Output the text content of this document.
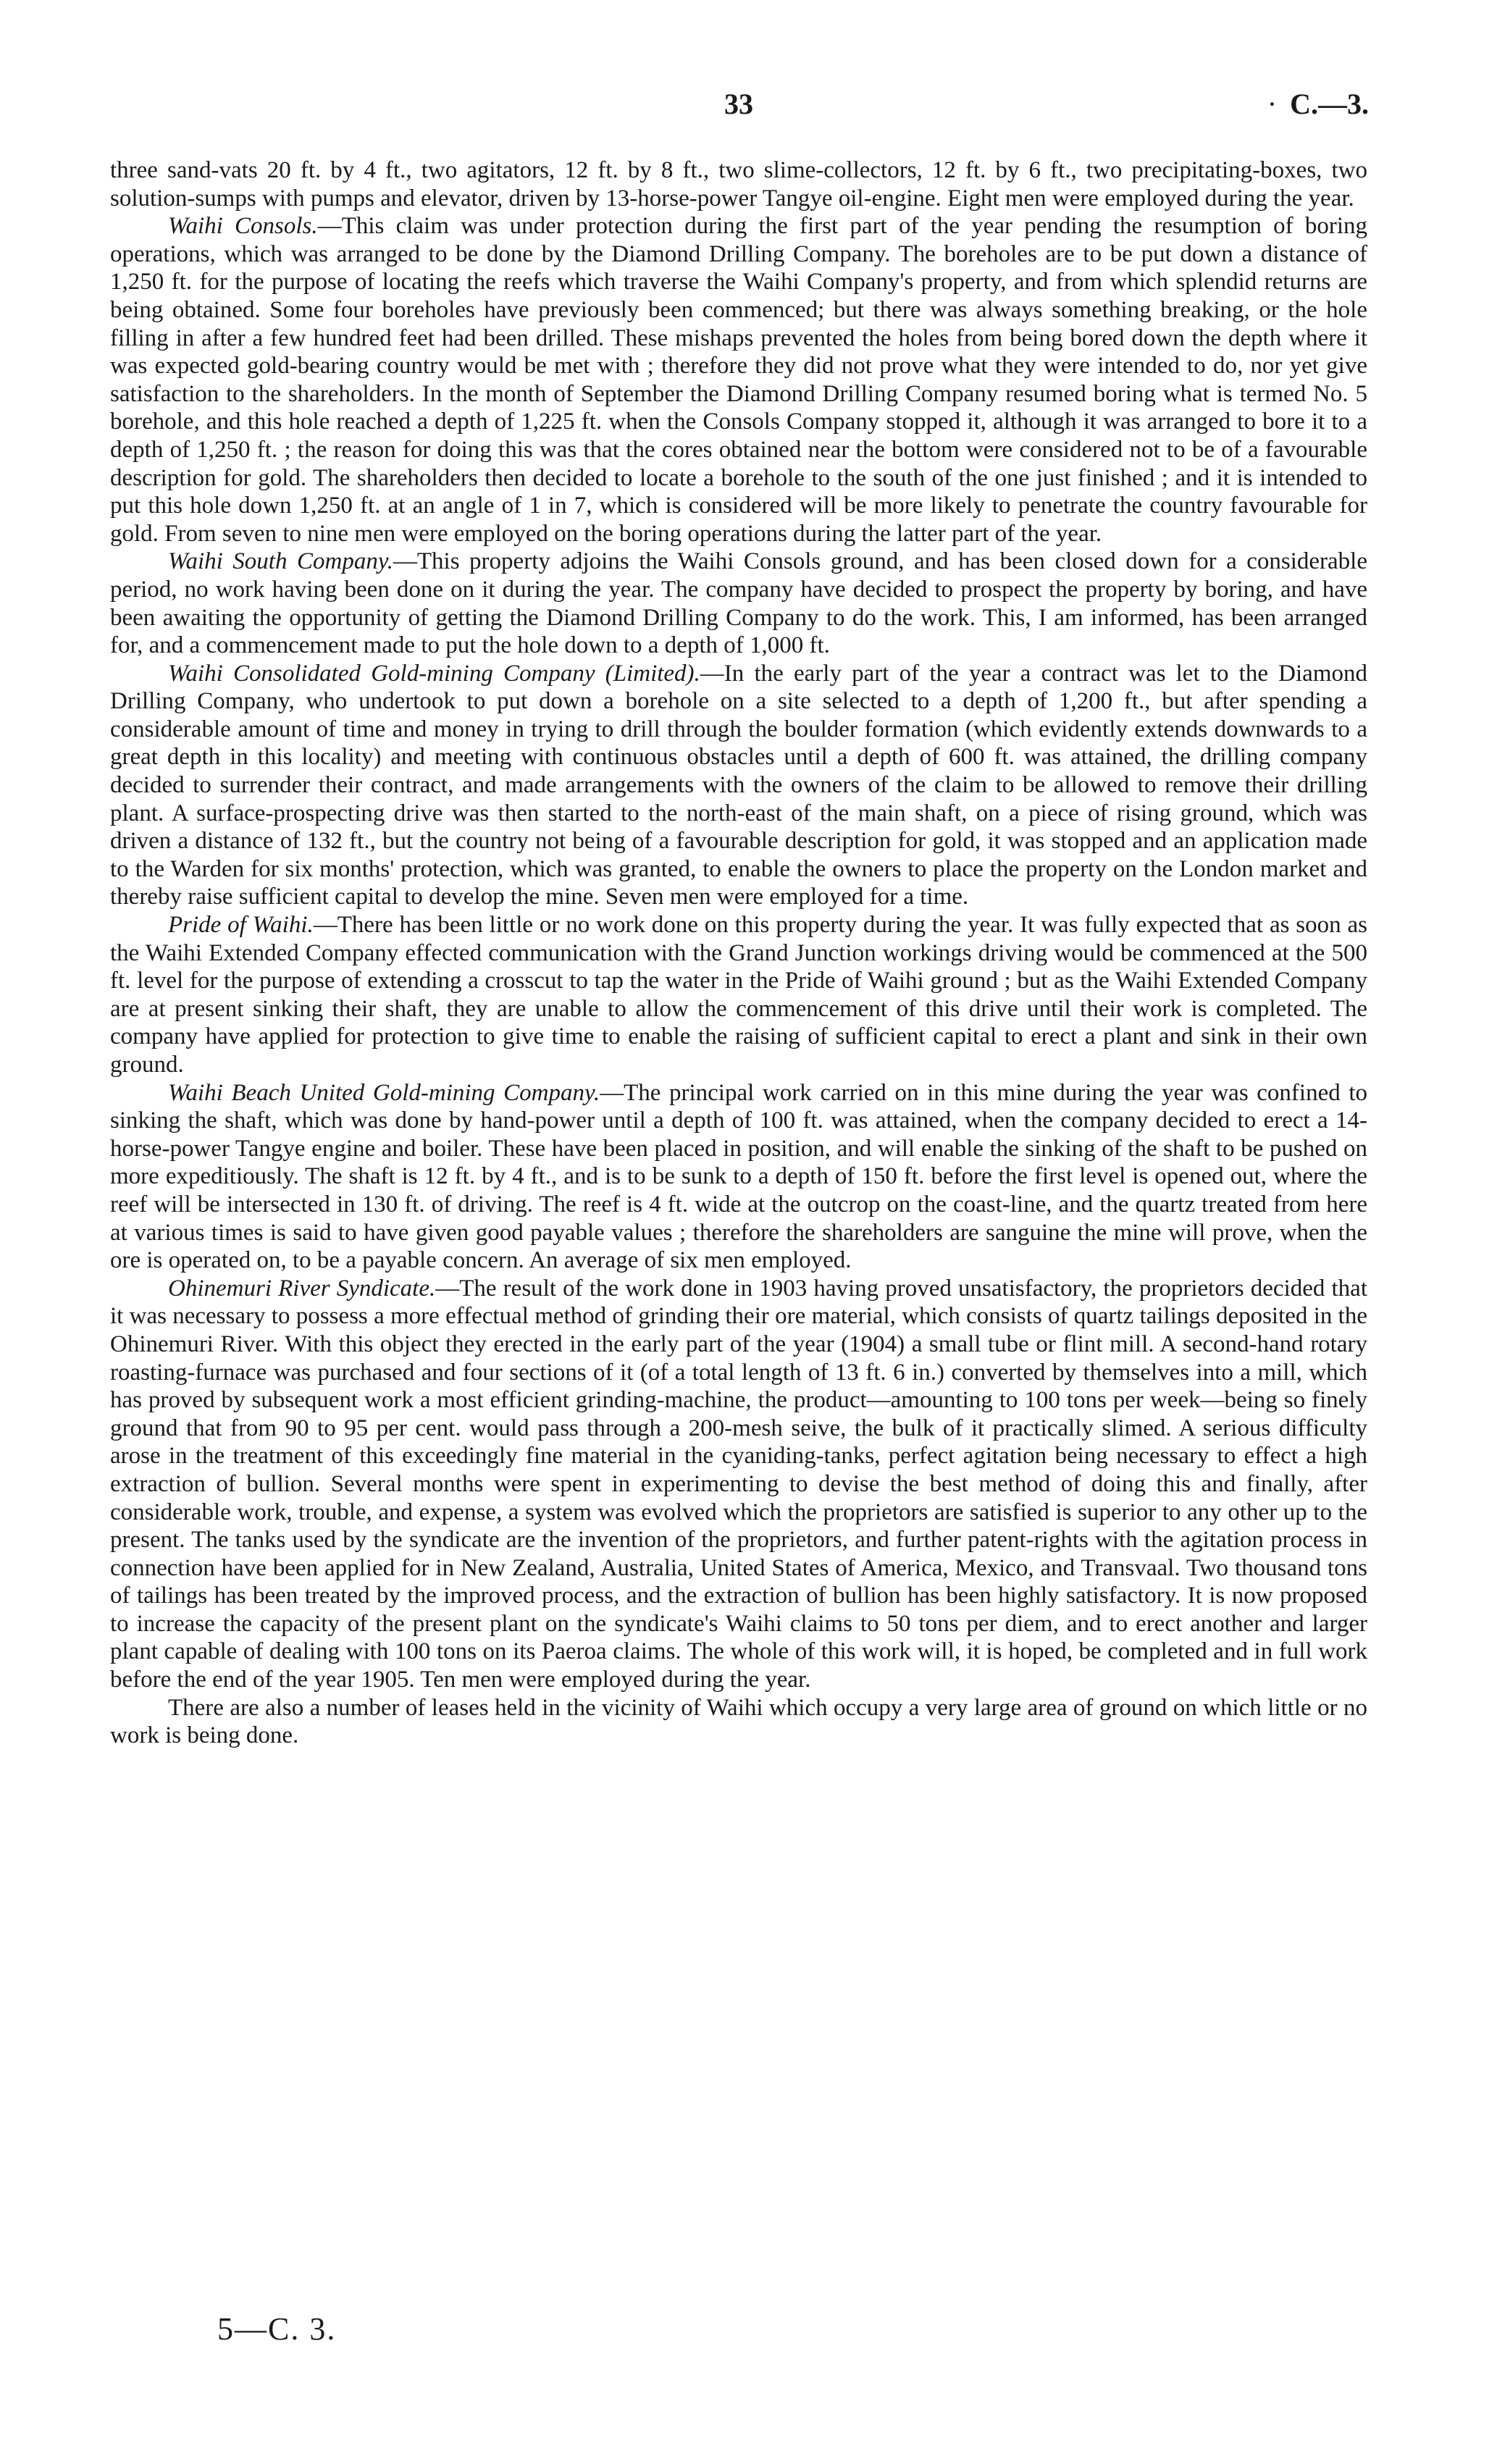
33	· C.—3.

three sand-vats 20 ft. by 4 ft., two agitators, 12 ft. by 8 ft., two slime-collectors, 12 ft. by 6 ft., two precipitating-boxes, two solution-sumps with pumps and elevator, driven by 13-horse-power Tangye oil-engine. Eight men were employed during the year.

Waihi Consols.—This claim was under protection during the first part of the year pending the resumption of boring operations, which was arranged to be done by the Diamond Drilling Company. The boreholes are to be put down a distance of 1,250 ft. for the purpose of locating the reefs which traverse the Waihi Company's property, and from which splendid returns are being obtained. Some four boreholes have previously been commenced; but there was always something breaking, or the hole filling in after a few hundred feet had been drilled. These mishaps prevented the holes from being bored down the depth where it was expected gold-bearing country would be met with ; therefore they did not prove what they were intended to do, nor yet give satisfaction to the shareholders. In the month of September the Diamond Drilling Company resumed boring what is termed No. 5 borehole, and this hole reached a depth of 1,225 ft. when the Consols Company stopped it, although it was arranged to bore it to a depth of 1,250 ft. ; the reason for doing this was that the cores obtained near the bottom were considered not to be of a favourable description for gold. The shareholders then decided to locate a borehole to the south of the one just finished ; and it is intended to put this hole down 1,250 ft. at an angle of 1 in 7, which is considered will be more likely to penetrate the country favourable for gold. From seven to nine men were employed on the boring operations during the latter part of the year.

Waihi South Company.—This property adjoins the Waihi Consols ground, and has been closed down for a considerable period, no work having been done on it during the year. The company have decided to prospect the property by boring, and have been awaiting the opportunity of getting the Diamond Drilling Company to do the work. This, I am informed, has been arranged for, and a commencement made to put the hole down to a depth of 1,000 ft.

Waihi Consolidated Gold-mining Company (Limited).—In the early part of the year a contract was let to the Diamond Drilling Company, who undertook to put down a borehole on a site selected to a depth of 1,200 ft., but after spending a considerable amount of time and money in trying to drill through the boulder formation (which evidently extends downwards to a great depth in this locality) and meeting with continuous obstacles until a depth of 600 ft. was attained, the drilling company decided to surrender their contract, and made arrangements with the owners of the claim to be allowed to remove their drilling plant. A surface-prospecting drive was then started to the north-east of the main shaft, on a piece of rising ground, which was driven a distance of 132 ft., but the country not being of a favourable description for gold, it was stopped and an application made to the Warden for six months' protection, which was granted, to enable the owners to place the property on the London market and thereby raise sufficient capital to develop the mine. Seven men were employed for a time.

Pride of Waihi.—There has been little or no work done on this property during the year. It was fully expected that as soon as the Waihi Extended Company effected communication with the Grand Junction workings driving would be commenced at the 500 ft. level for the purpose of extending a crosscut to tap the water in the Pride of Waihi ground ; but as the Waihi Extended Company are at present sinking their shaft, they are unable to allow the commencement of this drive until their work is completed. The company have applied for protection to give time to enable the raising of sufficient capital to erect a plant and sink in their own ground.

Waihi Beach United Gold-mining Company.—The principal work carried on in this mine during the year was confined to sinking the shaft, which was done by hand-power until a depth of 100 ft. was attained, when the company decided to erect a 14-horse-power Tangye engine and boiler. These have been placed in position, and will enable the sinking of the shaft to be pushed on more expeditiously. The shaft is 12 ft. by 4 ft., and is to be sunk to a depth of 150 ft. before the first level is opened out, where the reef will be intersected in 130 ft. of driving. The reef is 4 ft. wide at the outcrop on the coast-line, and the quartz treated from here at various times is said to have given good payable values ; therefore the shareholders are sanguine the mine will prove, when the ore is operated on, to be a payable concern. An average of six men employed.

Ohinemuri River Syndicate.—The result of the work done in 1903 having proved unsatisfactory, the proprietors decided that it was necessary to possess a more effectual method of grinding their ore material, which consists of quartz tailings deposited in the Ohinemuri River. With this object they erected in the early part of the year (1904) a small tube or flint mill. A second-hand rotary roasting-furnace was purchased and four sections of it (of a total length of 13 ft. 6 in.) converted by themselves into a mill, which has proved by subsequent work a most efficient grinding-machine, the product—amounting to 100 tons per week—being so finely ground that from 90 to 95 per cent. would pass through a 200-mesh seive, the bulk of it practically slimed. A serious difficulty arose in the treatment of this exceedingly fine material in the cyaniding-tanks, perfect agitation being necessary to effect a high extraction of bullion. Several months were spent in experimenting to devise the best method of doing this and finally, after considerable work, trouble, and expense, a system was evolved which the proprietors are satisfied is superior to any other up to the present. The tanks used by the syndicate are the invention of the proprietors, and further patent-rights with the agitation process in connection have been applied for in New Zealand, Australia, United States of America, Mexico, and Transvaal. Two thousand tons of tailings has been treated by the improved process, and the extraction of bullion has been highly satisfactory. It is now proposed to increase the capacity of the present plant on the syndicate's Waihi claims to 50 tons per diem, and to erect another and larger plant capable of dealing with 100 tons on its Paeroa claims. The whole of this work will, it is hoped, be completed and in full work before the end of the year 1905. Ten men were employed during the year.

There are also a number of leases held in the vicinity of Waihi which occupy a very large area of ground on which little or no work is being done.

5—C. 3.
